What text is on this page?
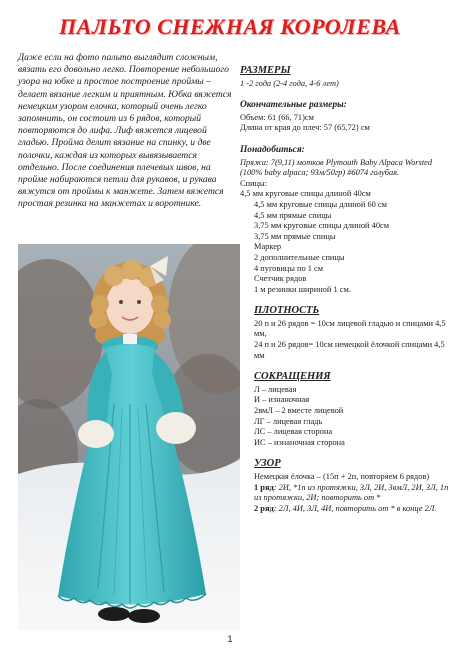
ПАЛЬТО СНЕЖНАЯ КОРОЛЕВА
Даже если на фото пальто выглядит сложным, вязать его довольно легко. Повторение небольшого узора на юбке и простое построение проймы – делает вязание легким и приятным. Юбка вяжется немецким узором елочка, который очень легко запомнить, он состоит из 6 рядов, который повторяются до лифа. Лиф вяжется лицевой гладью. Пройма делит вязание на спинку, и две полочки, каждая из которых вывязывается отдельно. После соединения плечевых швов, на пройме набираются петли для рукавов, и рукава вяжутся от проймы к манжете. Затем вяжется простая резинка на манжетах и воротнике.
РАЗМЕРЫ
1 -2 года (2-4 года, 4-6 лет)
Окончательные размеры:
Объем: 61 (66, 71)см
Длина от края до плеч: 57 (65,72) см
Понадобиться:
Пряжа: 7(9,11) мотков Plymouth Baby Alpaca Worsted (100% baby alpaca; 93м/50гр) #6074 голубая.
Спицы:
4,5 мм круговые спицы длиной 40см
4,5 мм круговые спицы длиной 60 см
4,5 мм прямые спицы
3,75 мм круговые спицы длиной 40см
3,75 мм прямые спицы
Маркер
2 дополнительные спицы
4 пуговицы по 1 см
Счетчик рядов
1 м резинки шириной 1 см.
ПЛОТНОСТЬ
20 п и 26 рядов = 10см лицевой гладью и спицами 4,5 мм,
24 п и 26 рядов= 10см немецкой ёлочкой спицами 4,5 мм
СОКРАЩЕНИЯ
Л – лицевая
И – изнаночная
2вмЛ – 2 вместе лицевой
ЛГ – лицевая гладь
ЛС – лицевая сторона
ИС – изнаночная сторона
УЗОР
Немецкая ёлочка – (15п + 2п, повторяем 6 рядов)
1 ряд: 2И, *1п из протяжки, 3Л, 2И, 3вмЛ, 2И, 3Л, 1п из протяжки, 2И; повторить от *
2 ряд: 2Л, 4И, 3Л, 4И, повторить от * в конце 2Л.
1
